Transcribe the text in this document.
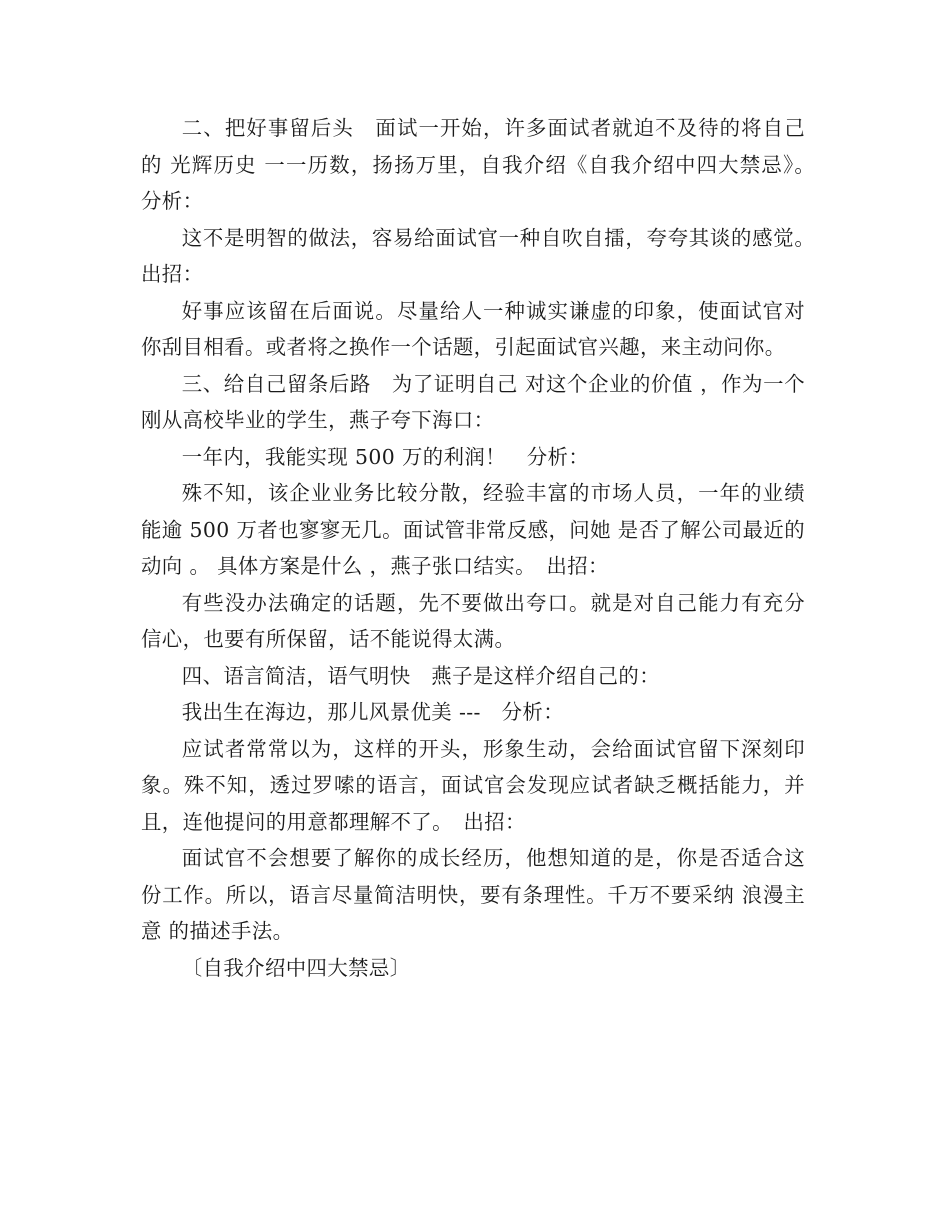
二、把好事留后头　面试一开始，许多面试者就迫不及待的将自己的 光辉历史 一一历数，扬扬万里，自我介绍《自我介绍中四大禁忌》。　分析：

这不是明智的做法，容易给面试官一种自吹自擂，夸夸其谈的感觉。　出招：

好事应该留在后面说。尽量给人一种诚实谦虚的印象，使面试官对你刮目相看。或者将之换作一个话题，引起面试官兴趣，来主动问你。

三、给自己留条后路　为了证明自己 对这个企业的价值 ，作为一个刚从高校毕业的学生，燕子夸下海口：

一年内，我能实现 500 万的利润！　分析：

殊不知，该企业业务比较分散，经验丰富的市场人员，一年的业绩能逾 500 万者也寥寥无几。面试管非常反感，问她 是否了解公司最近的动向 。 具体方案是什么 ，燕子张口结实。　出招：

有些没办法确定的话题，先不要做出夸口。就是对自己能力有充分信心，也要有所保留，话不能说得太满。

四、语言简洁，语气明快　燕子是这样介绍自己的：

我出生在海边，那儿风景优美 ---　分析：

应试者常常以为，这样的开头，形象生动，会给面试官留下深刻印象。殊不知，透过罗嗦的语言，面试官会发现应试者缺乏概括能力，并且，连他提问的用意都理解不了。　出招：

面试官不会想要了解你的成长经历，他想知道的是，你是否适合这份工作。所以，语言尽量简洁明快，要有条理性。千万不要采纳 浪漫主意 的描述手法。

〔自我介绍中四大禁忌〕
